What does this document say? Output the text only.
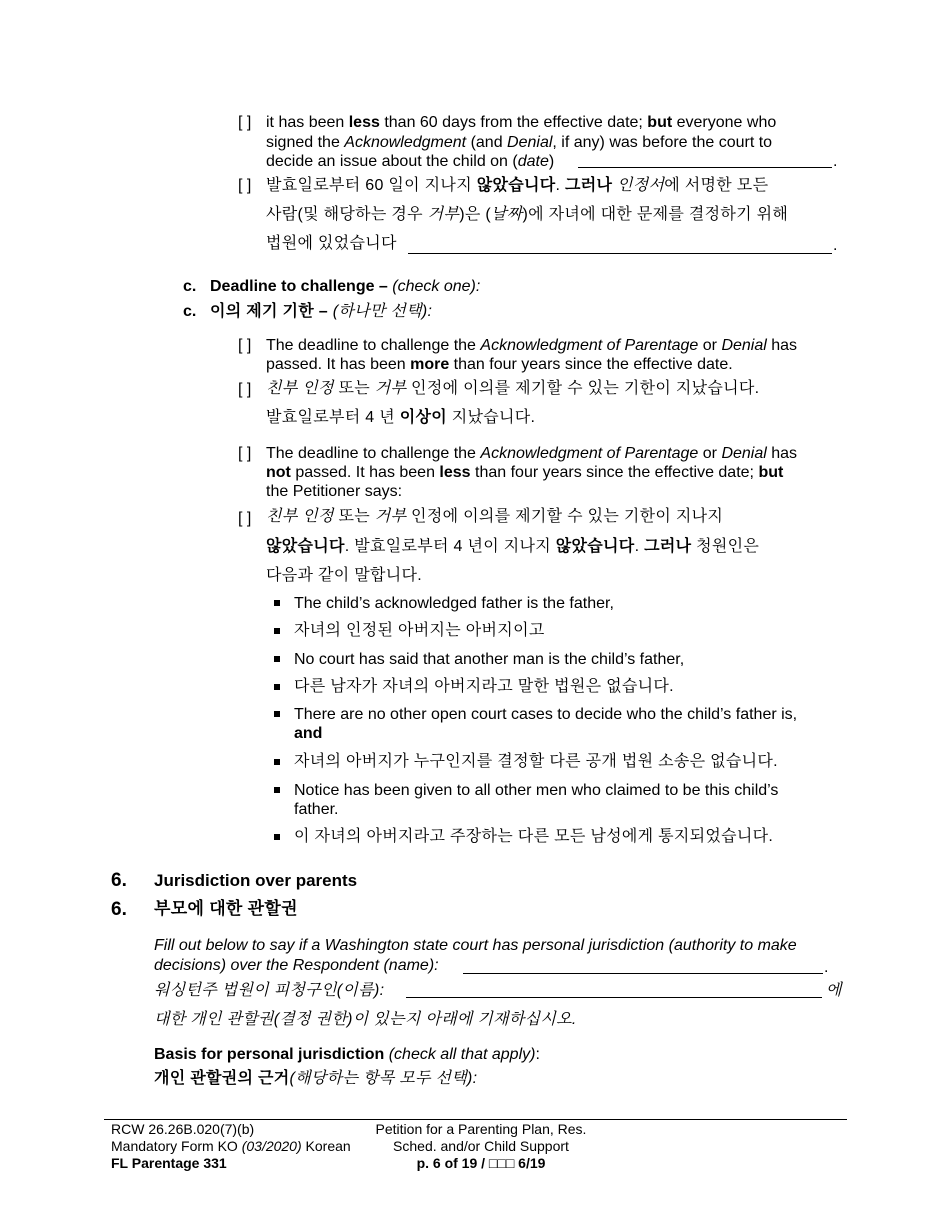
[ ] it has been less than 60 days from the effective date; but everyone who
signed the Acknowledgment (and Denial, if any) was before the court to
decide an issue about the child on (date)	.
[ ] 발효일로부터 60 일이 지나지 않았습니다. 그러나 인정서에 서명한 모든
사람(및 해당하는 경우 거부)은 (날짜)에 자녀에 대한 문제를 결정하기 위해
법원에 있었습니다	.
c. Deadline to challenge – (check one):
c. 이의 제기 기한 – (하나만 선택):
[ ] The deadline to challenge the Acknowledgment of Parentage or Denial has
passed. It has been more than four years since the effective date.
[ ] 친부 인정 또는 거부 인정에 이의를 제기할 수 있는 기한이 지났습니다.
발효일로부터 4 년 이상이 지났습니다.
[ ] The deadline to challenge the Acknowledgment of Parentage or Denial has
not passed. It has been less than four years since the effective date; but
the Petitioner says:
[ ] 친부 인정 또는 거부 인정에 이의를 제기할 수 있는 기한이 지나지
않았습니다. 발효일로부터 4 년이 지나지 않았습니다. 그러나 청원인은
다음과 같이 말합니다.
The child’s acknowledged father is the father,
자녀의 인정된 아버지는 아버지이고
No court has said that another man is the child’s father,
다른 남자가 자녀의 아버지라고 말한 법원은 없습니다.
There are no other open court cases to decide who the child’s father is,
and
자녀의 아버지가 누구인지를 결정할 다른 공개 법원 소송은 없습니다.
Notice has been given to all other men who claimed to be this child’s
father.
이 자녀의 아버지라고 주장하는 다른 모든 남성에게 통지되었습니다.
6. Jurisdiction over parents
6. 부모에 대한 관할권
Fill out below to say if a Washington state court has personal jurisdiction (authority to make
decisions) over the Respondent (name):	.
워싱턴주 법원이 피청구인(이름):	에
대한 개인 관할권(결정 권한)이 있는지 아래에 기재하십시오.
Basis for personal jurisdiction (check all that apply):
개인 관할권의 근거(해당하는 항목 모두 선택):
RCW 26.26B.020(7)(b)
Mandatory Form KO (03/2020) Korean
FL Parentage 331
Petition for a Parenting Plan, Res.
Sched. and/or Child Support
p. 6 of 19 / □□□ 6/19
